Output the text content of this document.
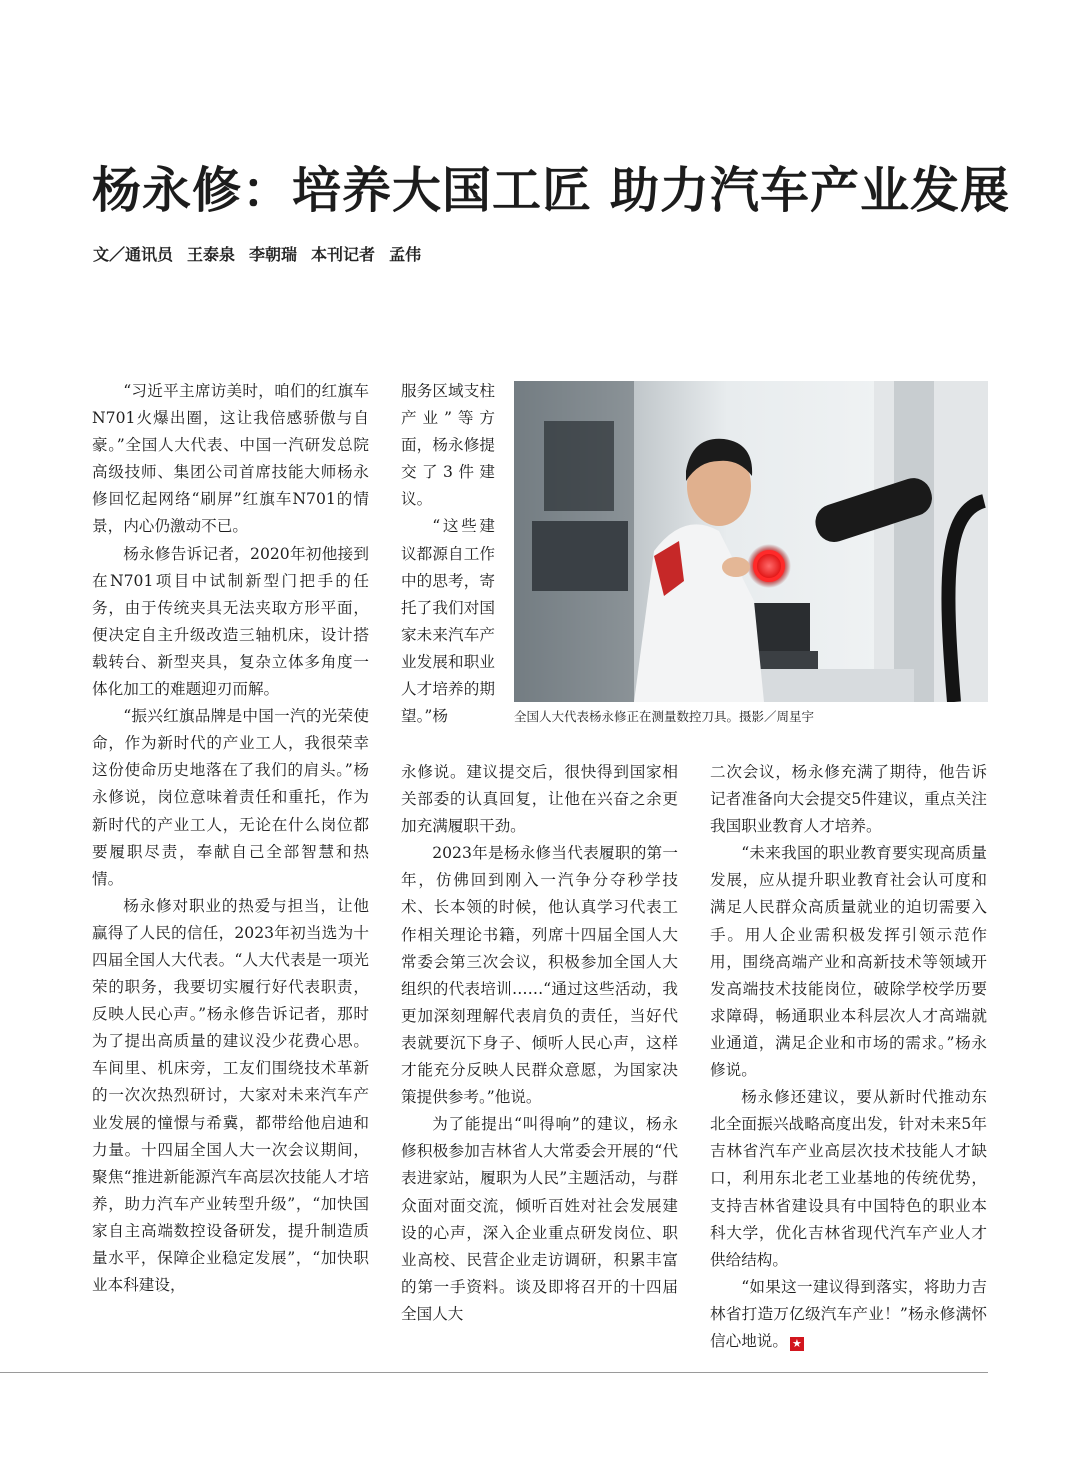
杨永修：培养大国工匠 助力汽车产业发展
文／通讯员 王泰泉 李朝瑞 本刊记者 孟伟

“习近平主席访美时，咱们的红旗车N701火爆出圈，这让我倍感骄傲与自豪。”全国人大代表、中国一汽研发总院高级技师、集团公司首席技能大师杨永修回忆起网络“刷屏”红旗车N701的情景，内心仍激动不已。

杨永修告诉记者，2020年初他接到在N701项目中试制新型门把手的任务，由于传统夹具无法夹取方形平面，便决定自主升级改造三轴机床，设计搭载转台、新型夹具，复杂立体多角度一体化加工的难题迎刃而解。

“振兴红旗品牌是中国一汽的光荣使命，作为新时代的产业工人，我很荣幸这份使命历史地落在了我们的肩头。”杨永修说，岗位意味着责任和重托，作为新时代的产业工人，无论在什么岗位都要履职尽责，奉献自己全部智慧和热情。

杨永修对职业的热爱与担当，让他赢得了人民的信任，2023年初当选为十四届全国人大代表。“人大代表是一项光荣的职务，我要切实履行好代表职责，反映人民心声。”杨永修告诉记者，那时为了提出高质量的建议没少花费心思。车间里、机床旁，工友们围绕技术革新的一次次热烈研讨，大家对未来汽车产业发展的憧憬与希冀，都带给他启迪和力量。十四届全国人大一次会议期间，聚焦“推进新能源汽车高层次技能人才培养，助力汽车产业转型升级”，“加快国家自主高端数控设备研发，提升制造质量水平，保障企业稳定发展”，“加快职业本科建设，

服务区域支柱产业”等方面，杨永修提交了3件建议。

“这些建议都源自工作中的思考，寄托了我们对国家未来汽车产业发展和职业人才培养的期望。”杨	全国人大代表杨永修正在测量数控刀具。摄影／周星宇

永修说。建议提交后，很快得到国家相关部委的认真回复，让他在兴奋之余更加充满履职干劲。

2023年是杨永修当代表履职的第一年，仿佛回到刚入一汽争分夺秒学技术、长本领的时候，他认真学习代表工作相关理论书籍，列席十四届全国人大常委会第三次会议，积极参加全国人大组织的代表培训……“通过这些活动，我更加深刻理解代表肩负的责任，当好代表就要沉下身子、倾听人民心声，这样才能充分反映人民群众意愿，为国家决策提供参考。”他说。

为了能提出“叫得响”的建议，杨永修积极参加吉林省人大常委会开展的“代表进家站，履职为人民”主题活动，与群众面对面交流，倾听百姓对社会发展建设的心声，深入企业重点研发岗位、职业高校、民营企业走访调研，积累丰富的第一手资料。谈及即将召开的十四届全国人大

二次会议，杨永修充满了期待，他告诉记者准备向大会提交5件建议，重点关注我国职业教育人才培养。

“未来我国的职业教育要实现高质量发展，应从提升职业教育社会认可度和满足人民群众高质量就业的迫切需要入手。用人企业需积极发挥引领示范作用，围绕高端产业和高新技术等领域开发高端技术技能岗位，破除学校学历要求障碍，畅通职业本科层次人才高端就业通道，满足企业和市场的需求。”杨永修说。

杨永修还建议，要从新时代推动东北全面振兴战略高度出发，针对未来5年吉林省汽车产业高层次技术技能人才缺口，利用东北老工业基地的传统优势，支持吉林省建设具有中国特色的职业本科大学，优化吉林省现代汽车产业人才供给结构。

“如果这一建议得到落实，将助力吉林省打造万亿级汽车产业！”杨永修满怀信心地说。 ★
